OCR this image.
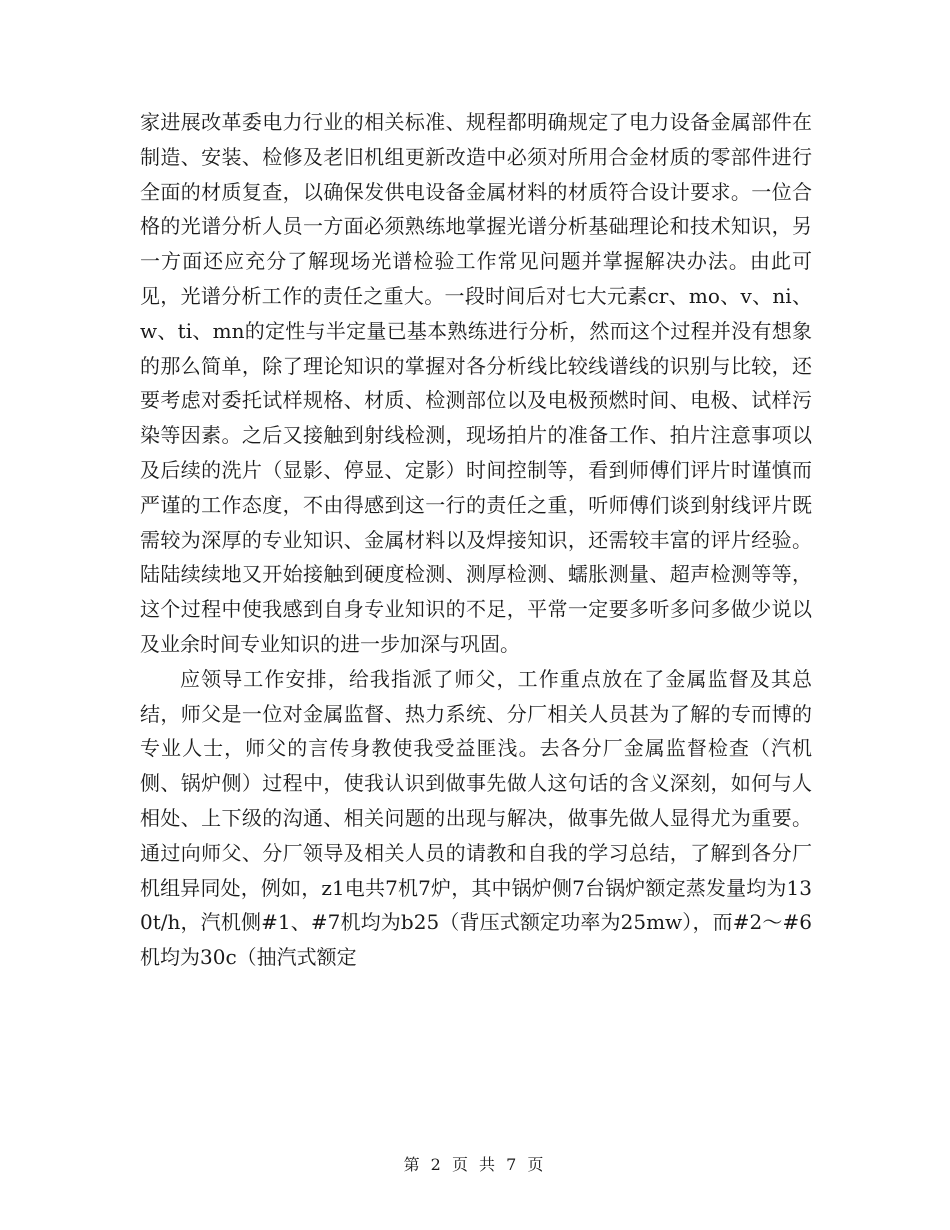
家进展改革委电力行业的相关标准、规程都明确规定了电力设备金属部件在制造、安装、检修及老旧机组更新改造中必须对所用合金材质的零部件进行全面的材质复查，以确保发供电设备金属材料的材质符合设计要求。一位合格的光谱分析人员一方面必须熟练地掌握光谱分析基础理论和技术知识，另一方面还应充分了解现场光谱检验工作常见问题并掌握解决办法。由此可见，光谱分析工作的责任之重大。一段时间后对七大元素cr、mo、v、ni、w、ti、mn的定性与半定量已基本熟练进行分析，然而这个过程并没有想象的那么简单，除了理论知识的掌握对各分析线比较线谱线的识别与比较，还要考虑对委托试样规格、材质、检测部位以及电极预燃时间、电极、试样污染等因素。之后又接触到射线检测，现场拍片的准备工作、拍片注意事项以及后续的洗片（显影、停显、定影）时间控制等，看到师傅们评片时谨慎而严谨的工作态度，不由得感到这一行的责任之重，听师傅们谈到射线评片既需较为深厚的专业知识、金属材料以及焊接知识，还需较丰富的评片经验。陆陆续续地又开始接触到硬度检测、测厚检测、蠕胀测量、超声检测等等，这个过程中使我感到自身专业知识的不足，平常一定要多听多问多做少说以及业余时间专业知识的进一步加深与巩固。

应领导工作安排，给我指派了师父，工作重点放在了金属监督及其总结，师父是一位对金属监督、热力系统、分厂相关人员甚为了解的专而博的专业人士，师父的言传身教使我受益匪浅。去各分厂金属监督检查（汽机侧、锅炉侧）过程中，使我认识到做事先做人这句话的含义深刻，如何与人相处、上下级的沟通、相关问题的出现与解决，做事先做人显得尤为重要。通过向师父、分厂领导及相关人员的请教和自我的学习总结，了解到各分厂机组异同处，例如，z1电共7机7炉，其中锅炉侧7台锅炉额定蒸发量均为130t/h，汽机侧#1、#7机均为b25（背压式额定功率为25mw），而#2～#6机均为30c（抽汽式额定

第 2 页 共 7 页
